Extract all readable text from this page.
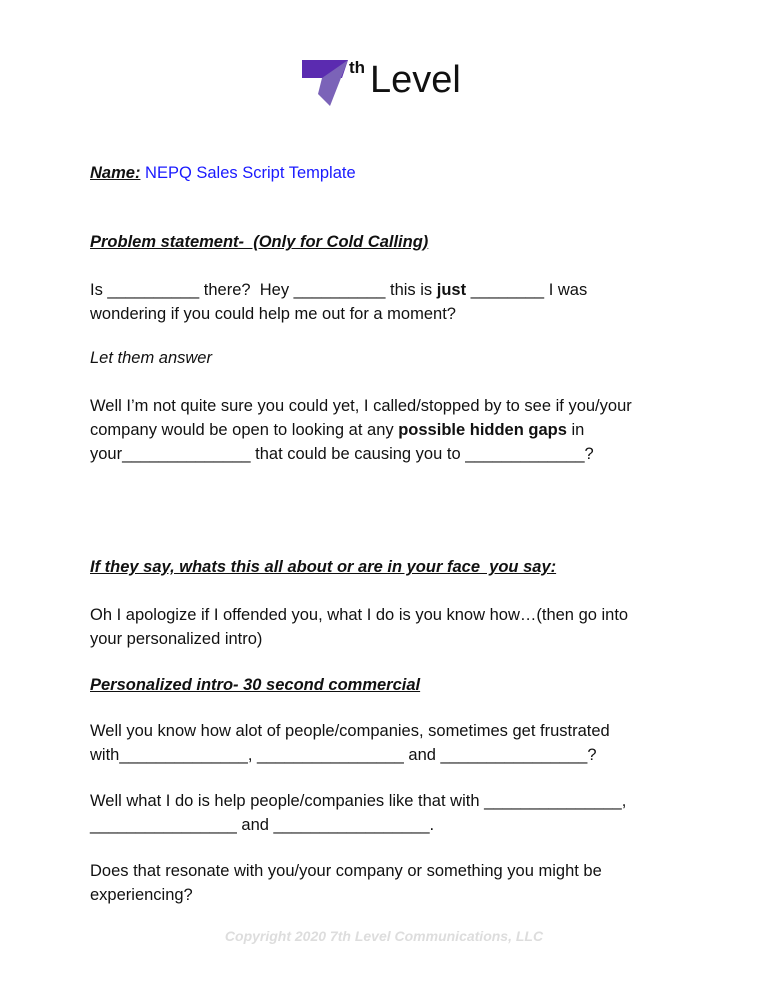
th Level
Name: NEPQ Sales Script Template
Problem statement-  (Only for Cold Calling)
Is __________ there?  Hey __________ this is just ________ I was
wondering if you could help me out for a moment?
Let them answer
Well I’m not quite sure you could yet, I called/stopped by to see if you/your
company would be open to looking at any possible hidden gaps in
your______________ that could be causing you to _____________?
If they say, whats this all about or are in your face  you say:
Oh I apologize if I offended you, what I do is you know how…(then go into
your personalized intro)
Personalized intro- 30 second commercial
Well you know how alot of people/companies, sometimes get frustrated
with______________, ________________ and ________________?
Well what I do is help people/companies like that with _______________,
________________ and _________________.
Does that resonate with you/your company or something you might be
experiencing?
Copyright 2020 7th Level Communications, LLC
